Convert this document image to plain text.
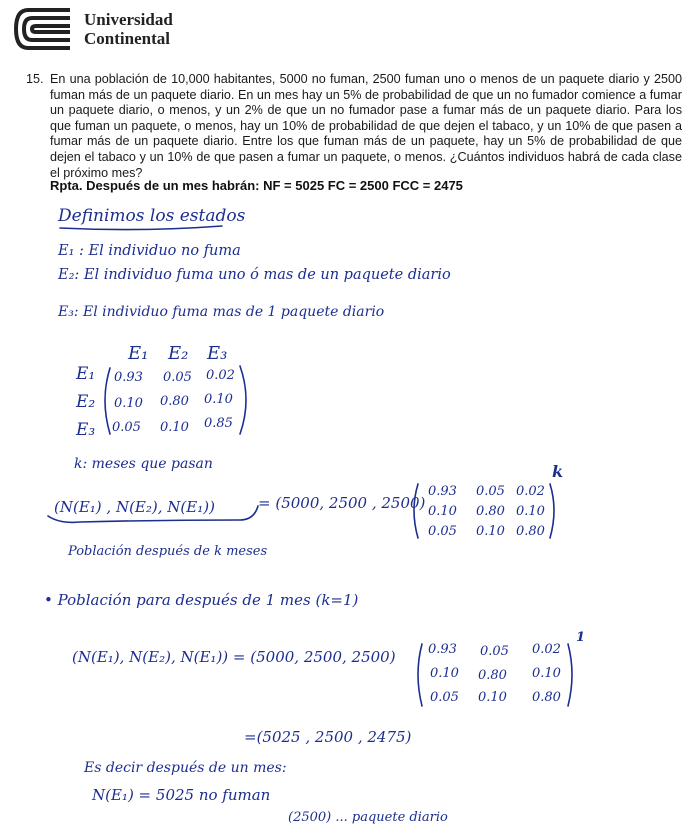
Universidad
Continental
15. En una población de 10,000 habitantes, 5000 no fuman, 2500 fuman uno o menos de un paquete diario y 2500 fuman más de un paquete diario. En un mes hay un 5% de probabilidad de que un no fumador comience a fumar un paquete diario, o menos, y un 2% de que un no fumador pase a fumar más de un paquete diario. Para los que fuman un paquete, o menos, hay un 10% de probabilidad de que dejen el tabaco, y un 10% de que pasen a fumar más de un paquete diario. Entre los que fuman más de un paquete, hay un 5% de probabilidad de que dejen el tabaco y un 10% de que pasen a fumar un paquete, o menos. ¿Cuántos individuos habrá de cada clase el próximo mes?
Rpta. Después de un mes habrán: NF = 5025 FC = 2500 FCC = 2475
Definimos los estados
E₁ : El individuo no fuma
E₂: El individuo fuma uno ó mas de un paquete diario
E₃: El individuo fuma mas de 1 paquete diario
E₁ E₂ E₃
E₁
E₂
E₃
0.93 0.05 0.02
0.10 0.80 0.10
0.05 0.10 0.85
k: meses que pasan
(N(E₁) , N(E₂), N(E₁))	= (5000, 2500 , 2500)
0.93 0.05 0.02
0.10 0.80 0.10
0.05 0.10 0.80
k
Población después de k meses
• Población para después de 1 mes (k=1)
(N(E₁), N(E₂), N(E₁)) = (5000, 2500, 2500) 0.93 0.05 0.02
0.10 0.80 0.10
0.05 0.10 0.80
1
=(5025 , 2500 , 2475)
Es decir después de un mes:
N(E₁) = 5025 no fuman
(2500) ... paquete diario
